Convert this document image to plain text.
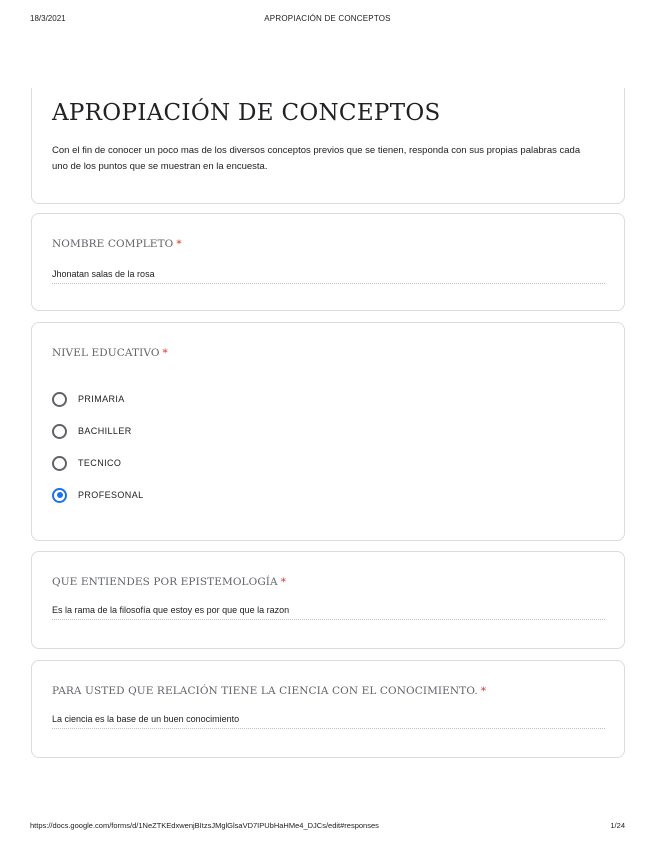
18/3/2021	APROPIACIÓN DE CONCEPTOS
APROPIACIÓN DE CONCEPTOS
Con el fin de conocer un poco mas de los diversos conceptos previos que se tienen, responda con sus propias palabras cada uno de los puntos que se muestran en la encuesta.
NOMBRE COMPLETO *
Jhonatan salas de la rosa
NIVEL EDUCATIVO *
PRIMARIA
BACHILLER
TECNICO
PROFESONAL
QUE ENTIENDES POR EPISTEMOLOGÍA *
Es la rama de la filosofía que estoy es por que que la razon
PARA USTED QUE RELACIÓN TIENE LA CIENCIA CON EL CONOCIMIENTO. *
La ciencia es la base de un buen conocimiento
https://docs.google.com/forms/d/1NeZTKEdxwenjBItzsJMglGlsaVD7IPUbHaHMe4_DJCs/edit#responses	1/24
